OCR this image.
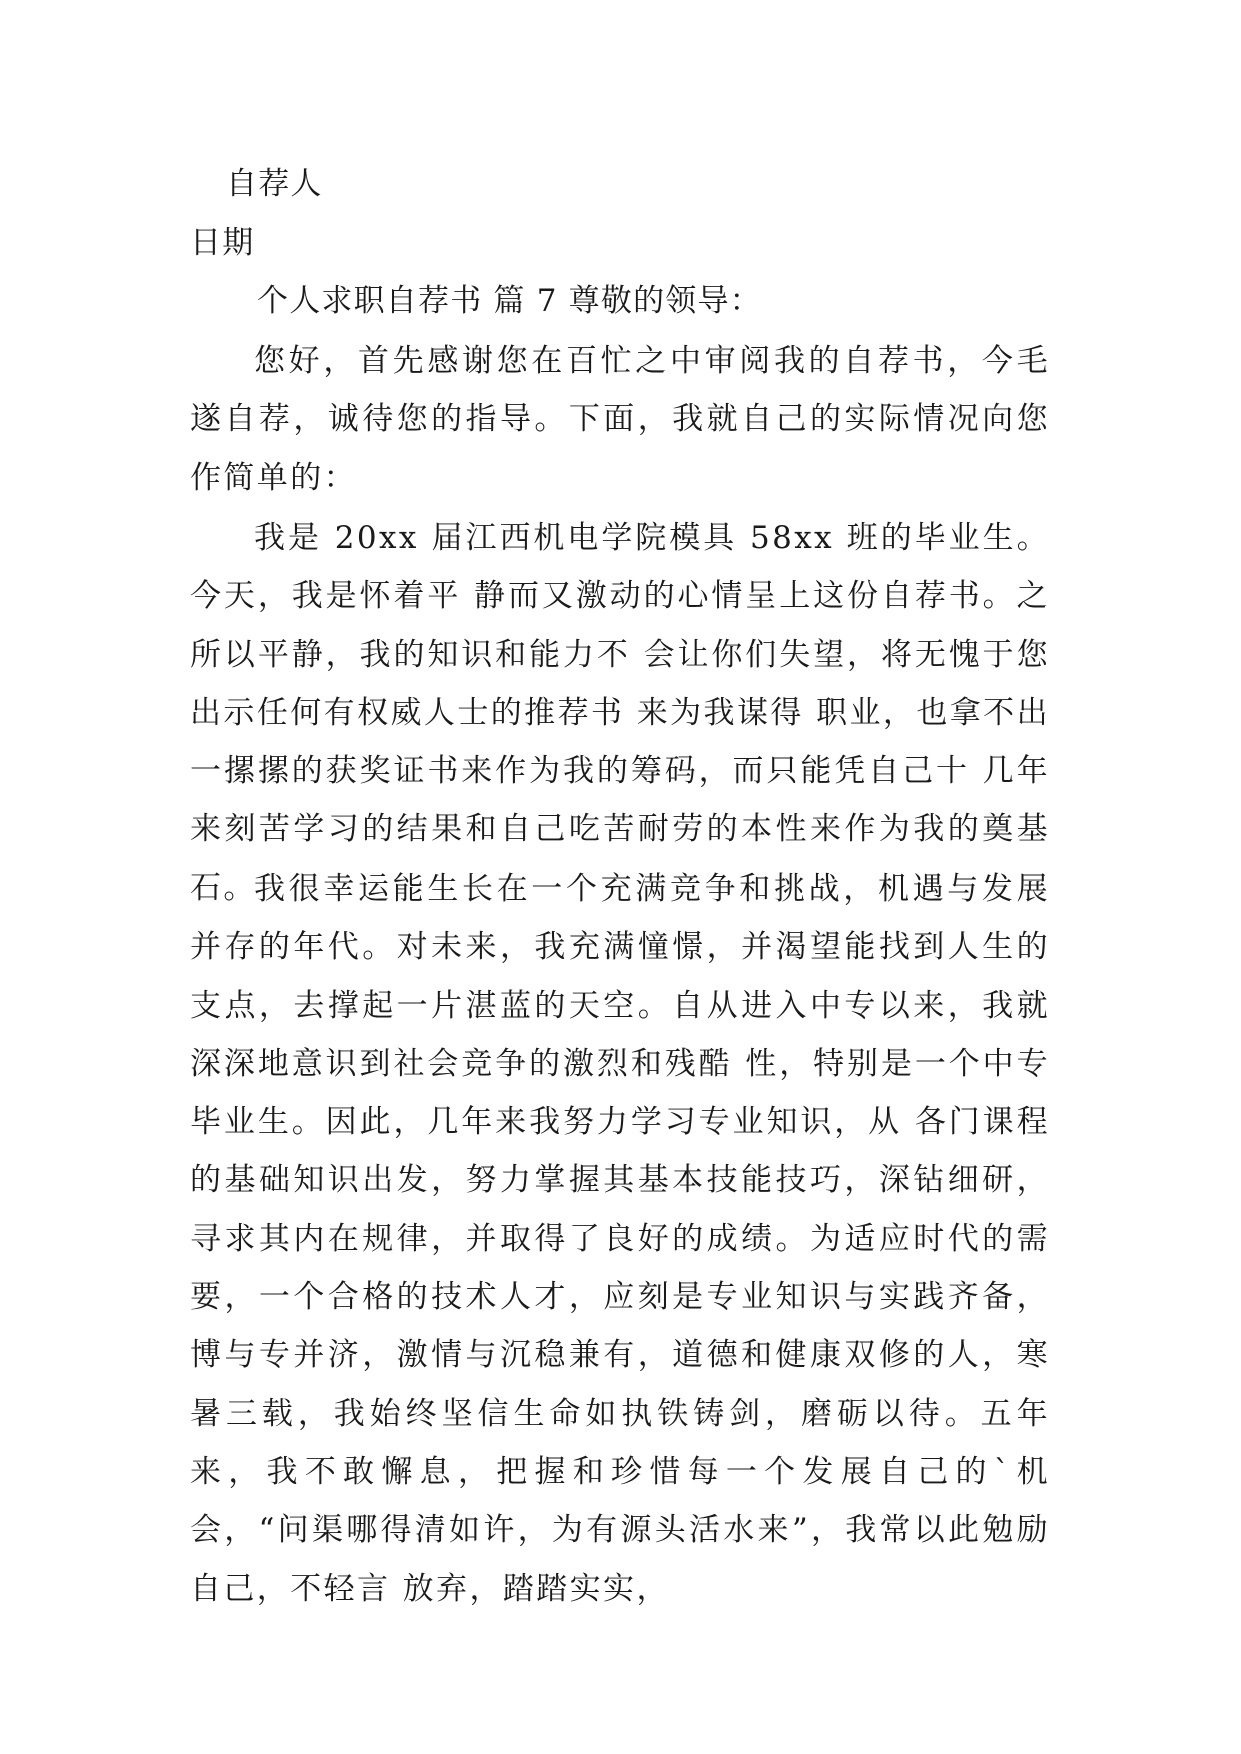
自荐人
日期
个人求职自荐书 篇 7 尊敬的领导：
您好，首先感谢您在百忙之中审阅我的自荐书，今毛遂自荐，诚待您的指导。下面，我就自己的实际情况向您作简单的：
我是 20xx 届江西机电学院模具 58xx 班的毕业生。今天，我是怀着平 静而又激动的心情呈上这份自荐书。之所以平静，我的知识和能力不 会让你们失望，将无愧于您出示任何有权威人士的推荐书 来为我谋得 职业，也拿不出一摞摞的获奖证书来作为我的筹码，而只能凭自己十 几年来刻苦学习的结果和自己吃苦耐劳的本性来作为我的奠基石。
我很幸运能生长在一个充满竞争和挑战，机遇与发展并存的年代。对未来，我充满憧憬，并渴望能找到人生的支点，去撑起一片湛蓝的天空。自从进入中专以来，我就深深地意识到社会竞争的激烈和残酷 性，特别是一个中专毕业生。因此，几年来我努力学习专业知识，从 各门课程的基础知识出发，努力掌握其基本技能技巧，深钻细研，寻求其内在规律，并取得了良好的成绩。为适应时代的需要，一个合格的技术人才，应刻是专业知识与实践齐备，博与专并济，激情与沉稳兼有，道德和健康双修的人，寒暑三载，我始终坚信生命如执铁铸剑，磨砺以待。五年来，我不敢懈息，把握和珍惜每一个发展自己的`机会，“问渠哪得清如许，为有源头活水来”，我常以此勉励自己，不轻言 放弃，踏踏实实，
